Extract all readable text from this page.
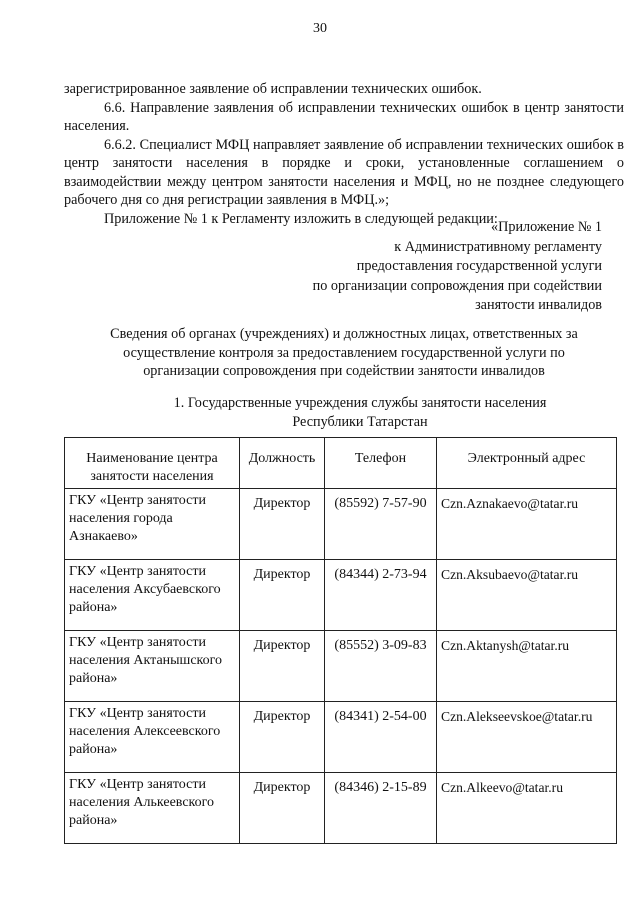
30

зарегистрированное заявление об исправлении технических ошибок.

6.6. Направление заявления об исправлении технических ошибок в центр занятости населения.

6.6.2. Специалист МФЦ направляет заявление об исправлении технических ошибок в центр занятости населения в порядке и сроки, установленные соглашением о взаимодействии между центром занятости населения и МФЦ, но не позднее следующего рабочего дня со дня регистрации заявления в МФЦ.»;

Приложение № 1 к Регламенту изложить в следующей редакции:

«Приложение № 1
к Административному регламенту
предоставления государственной услуги
по организации сопровождения при содействии
занятости инвалидов
Сведения об органах (учреждениях) и должностных лицах, ответственных за
осуществление контроля за предоставлением государственной услуги по
организации сопровождения при содействии занятости инвалидов
1. Государственные учреждения службы занятости населения
Республики Татарстан
Наименование центра
занятости населения	Должность	Телефон	Электронный адрес

ГКУ «Центр занятости
населения города
Азнакаево»	Директор	(85592) 7-57-90	Czn.Aznakaevo@tatar.ru

ГКУ «Центр занятости
населения Аксубаевского
района»	Директор	(84344) 2-73-94	Czn.Aksubaevo@tatar.ru

ГКУ «Центр занятости
населения Актанышского
района»	Директор	(85552) 3-09-83	Czn.Aktanysh@tatar.ru

ГКУ «Центр занятости
населения Алексеевского
района»	Директор	(84341) 2-54-00	Czn.Alekseevskoe@tatar.ru

ГКУ «Центр занятости
населения Алькеевского
района»	Директор	(84346) 2-15-89	Czn.Alkeevo@tatar.ru
